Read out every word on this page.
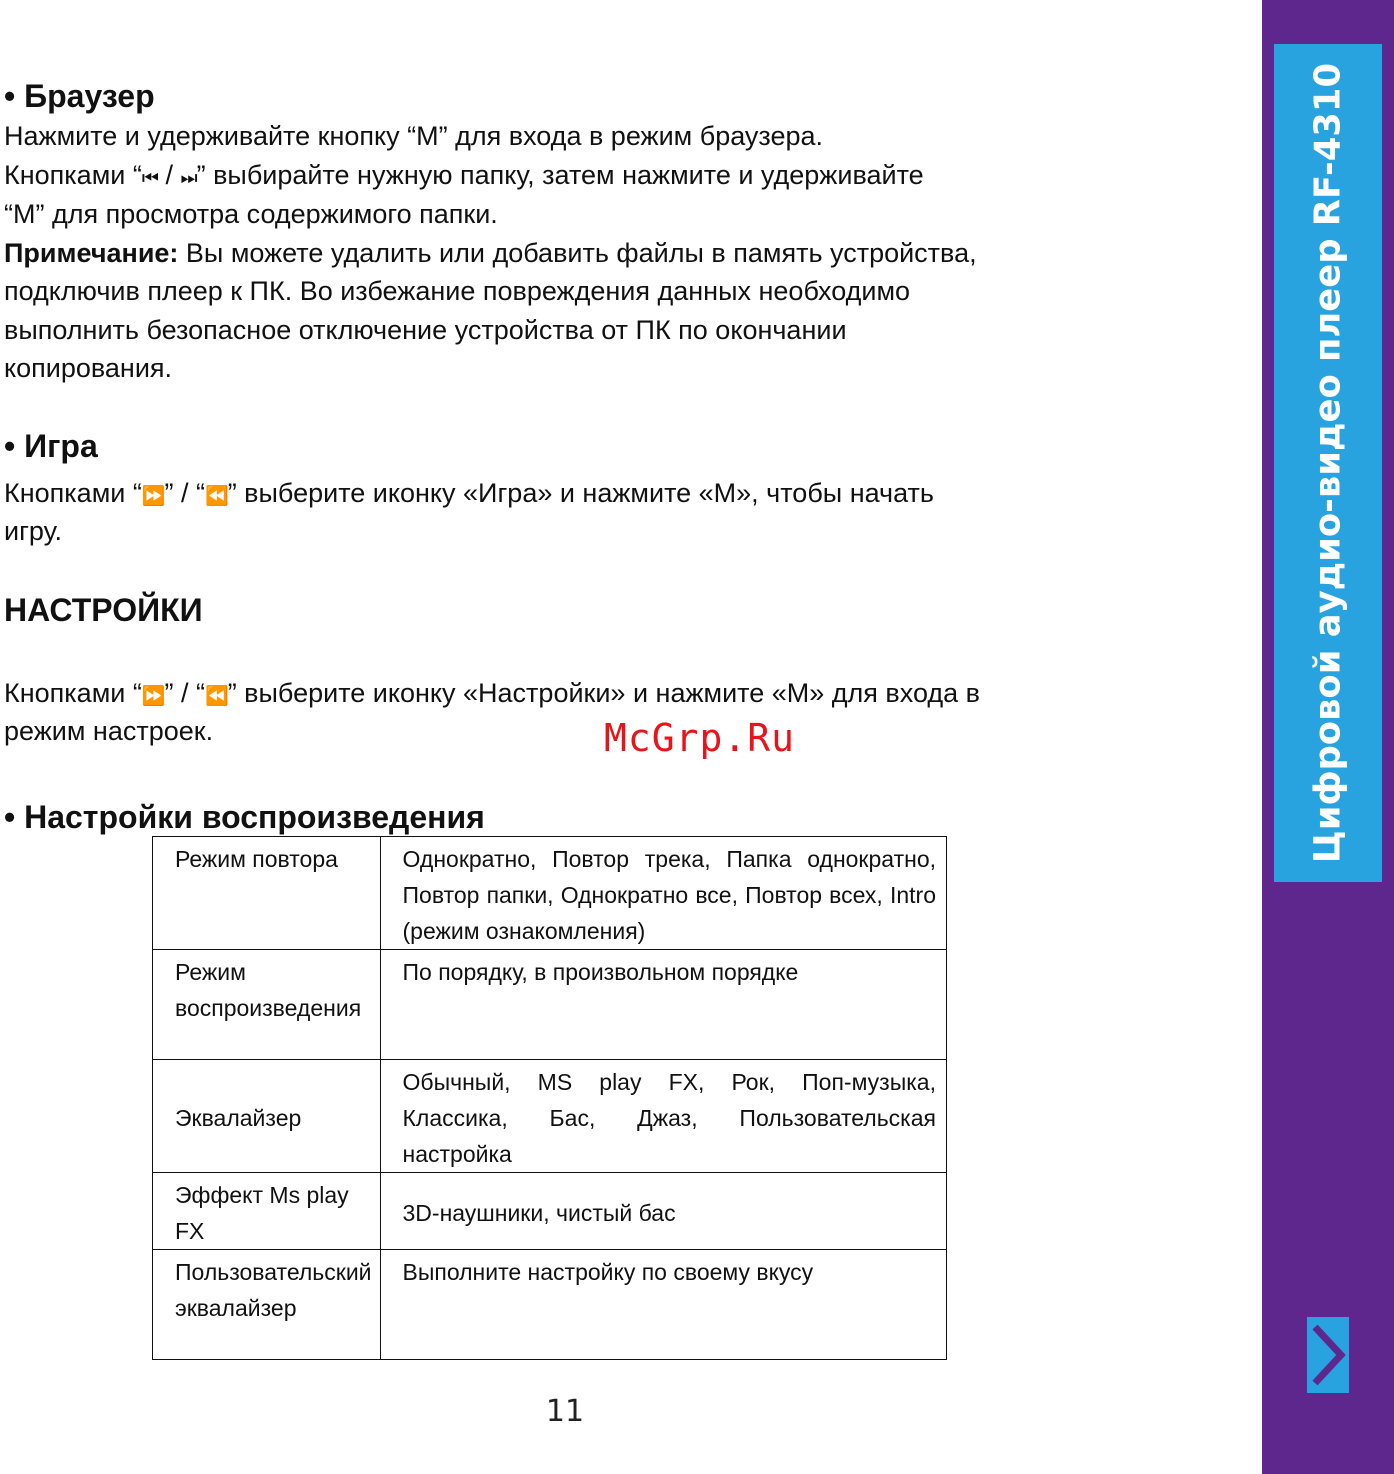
• Браузер

Нажмите и удерживайте кнопку “M” для входа в режим браузера.

Кнопками “⏮ / ⏭” выбирайте нужную папку, затем нажмите и удерживайте

“M” для просмотра содержимого папки.

Примечание: Вы можете удалить или добавить файлы в память устройства,

подключив плеер к ПК. Во избежание повреждения данных необходимо

выполнить безопасное отключение устройства от ПК по окончании

копирования.

• Игра

Кнопками “⏩” / “⏪” выберите иконку «Игра» и нажмите «M», чтобы начать

игру.

НАСТРОЙКИ

Кнопками “⏩” / “⏪” выберите иконку «Настройки» и нажмите «M» для входа в

режим настроек.	McGrp.Ru
• Настройки воспроизведения
Режим повтора	Однократно, Повтор трека, Папка однократно, Повтор папки, Однократно все, Повтор всех, Intro (режим ознакомления)
Режим воспроизведения	По порядку, в произвольном порядке
Эквалайзер	Обычный, MS play FX, Рок, Поп-музыка, Классика, Бас, Джаз, Пользовательская настройка
Эффект Ms play FX	3D-наушники, чистый бас
Пользовательский эквалайзер	Выполните настройку по своему вкусу
11
Цифровой аудио-видео плеер RF-4310
